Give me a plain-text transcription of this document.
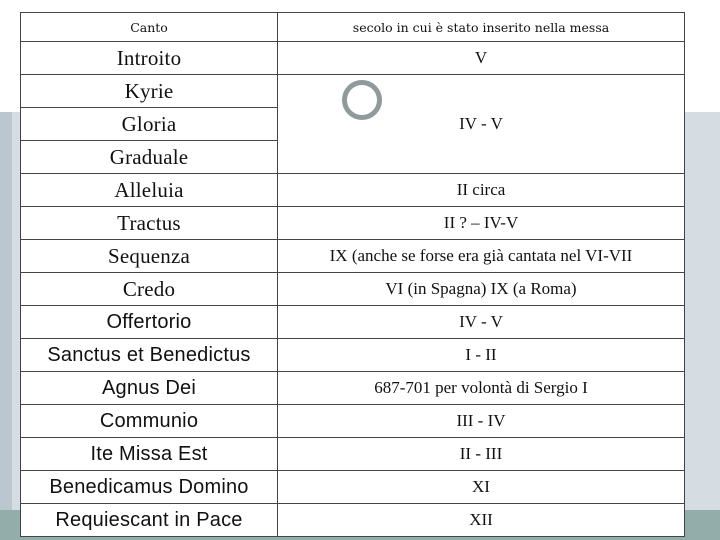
Canto	secolo in cui è stato inserito nella messa
Introito	V
Kyrie	IV - V
Gloria	
Graduale	
Alleluia	II circa
Tractus	II ? – IV-V
Sequenza	IX (anche se forse era già cantata nel VI-VII
Credo	VI (in Spagna) IX (a Roma)
Offertorio	IV - V
Sanctus et Benedictus	I - II
Agnus Dei	687-701 per volontà di Sergio I
Communio	III - IV
Ite Missa Est	II - III
Benedicamus Domino	XI
Requiescant in Pace	XII
